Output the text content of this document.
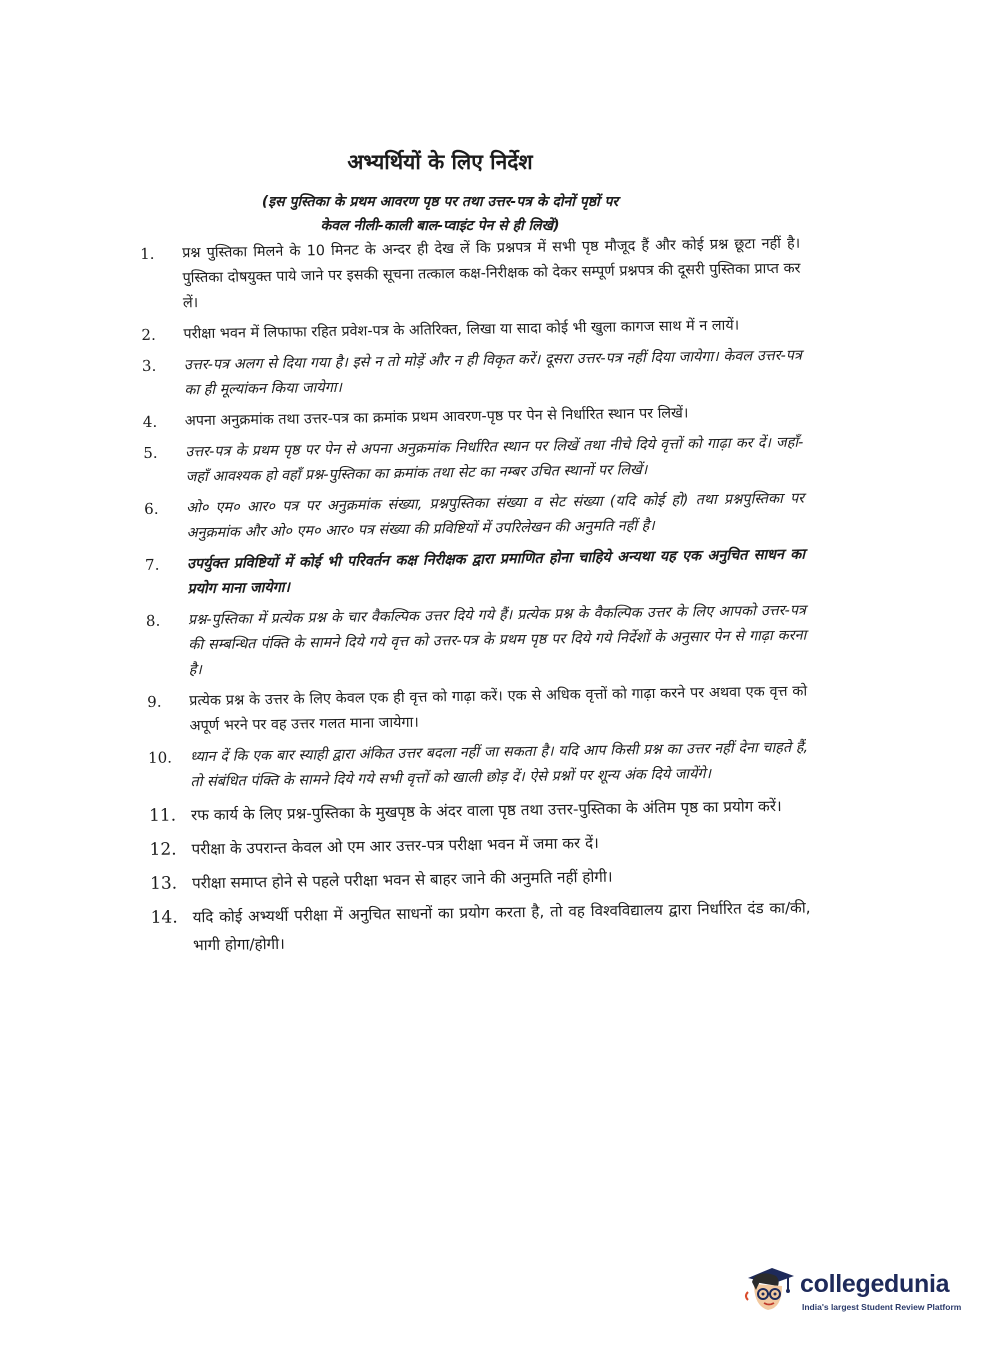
अभ्यर्थियों के लिए निर्देश
(इस पुस्तिका के प्रथम आवरण पृष्ठ पर तथा उत्तर-पत्र के दोनों पृष्ठों पर
केवल नीली-काली बाल-प्वाइंट पेन से ही लिखें)
1.	प्रश्न पुस्तिका मिलने के 10 मिनट के अन्दर ही देख लें कि प्रश्नपत्र में सभी पृष्ठ मौजूद हैं और कोई प्रश्न छूटा नहीं है। पुस्तिका दोषयुक्त पाये जाने पर इसकी सूचना तत्काल कक्ष-निरीक्षक को देकर सम्पूर्ण प्रश्नपत्र की दूसरी पुस्तिका प्राप्त कर लें।
2.	परीक्षा भवन में लिफाफा रहित प्रवेश-पत्र के अतिरिक्त, लिखा या सादा कोई भी खुला कागज साथ में न लायें।
3.	उत्तर-पत्र अलग से दिया गया है। इसे न तो मोड़ें और न ही विकृत करें। दूसरा उत्तर-पत्र नहीं दिया जायेगा। केवल उत्तर-पत्र का ही मूल्यांकन किया जायेगा।
4.	अपना अनुक्रमांक तथा उत्तर-पत्र का क्रमांक प्रथम आवरण-पृष्ठ पर पेन से निर्धारित स्थान पर लिखें।
5.	उत्तर-पत्र के प्रथम पृष्ठ पर पेन से अपना अनुक्रमांक निर्धारित स्थान पर लिखें तथा नीचे दिये वृत्तों को गाढ़ा कर दें। जहाँ-जहाँ आवश्यक हो वहाँ प्रश्न-पुस्तिका का क्रमांक तथा सेट का नम्बर उचित स्थानों पर लिखें।
6.	ओ० एम० आर० पत्र पर अनुक्रमांक संख्या, प्रश्नपुस्तिका संख्या व सेट संख्या (यदि कोई हो) तथा प्रश्नपुस्तिका पर अनुक्रमांक और ओ० एम० आर० पत्र संख्या की प्रविष्टियों में उपरिलेखन की अनुमति नहीं है।
7.	उपर्युक्त प्रविष्टियों में कोई भी परिवर्तन कक्ष निरीक्षक द्वारा प्रमाणित होना चाहिये अन्यथा यह एक अनुचित साधन का प्रयोग माना जायेगा।
8.	प्रश्न-पुस्तिका में प्रत्येक प्रश्न के चार वैकल्पिक उत्तर दिये गये हैं। प्रत्येक प्रश्न के वैकल्पिक उत्तर के लिए आपको उत्तर-पत्र की सम्बन्धित पंक्ति के सामने दिये गये वृत्त को उत्तर-पत्र के प्रथम पृष्ठ पर दिये गये निर्देशों के अनुसार पेन से गाढ़ा करना है।
9.	प्रत्येक प्रश्न के उत्तर के लिए केवल एक ही वृत्त को गाढ़ा करें। एक से अधिक वृत्तों को गाढ़ा करने पर अथवा एक वृत्त को अपूर्ण भरने पर वह उत्तर गलत माना जायेगा।
10.	ध्यान दें कि एक बार स्याही द्वारा अंकित उत्तर बदला नहीं जा सकता है। यदि आप किसी प्रश्न का उत्तर नहीं देना चाहते हैं, तो संबंधित पंक्ति के सामने दिये गये सभी वृत्तों को खाली छोड़ दें। ऐसे प्रश्नों पर शून्य अंक दिये जायेंगे।
11. रफ कार्य के लिए प्रश्न-पुस्तिका के मुखपृष्ठ के अंदर वाला पृष्ठ तथा उत्तर-पुस्तिका के अंतिम पृष्ठ का प्रयोग करें।
12. परीक्षा के उपरान्त केवल ओ एम आर उत्तर-पत्र परीक्षा भवन में जमा कर दें।
13. परीक्षा समाप्त होने से पहले परीक्षा भवन से बाहर जाने की अनुमति नहीं होगी।
14. यदि कोई अभ्यर्थी परीक्षा में अनुचित साधनों का प्रयोग करता है, तो वह विश्वविद्यालय द्वारा निर्धारित दंड का/की, भागी होगा/होगी।
collegedunia
India's largest Student Review Platform
